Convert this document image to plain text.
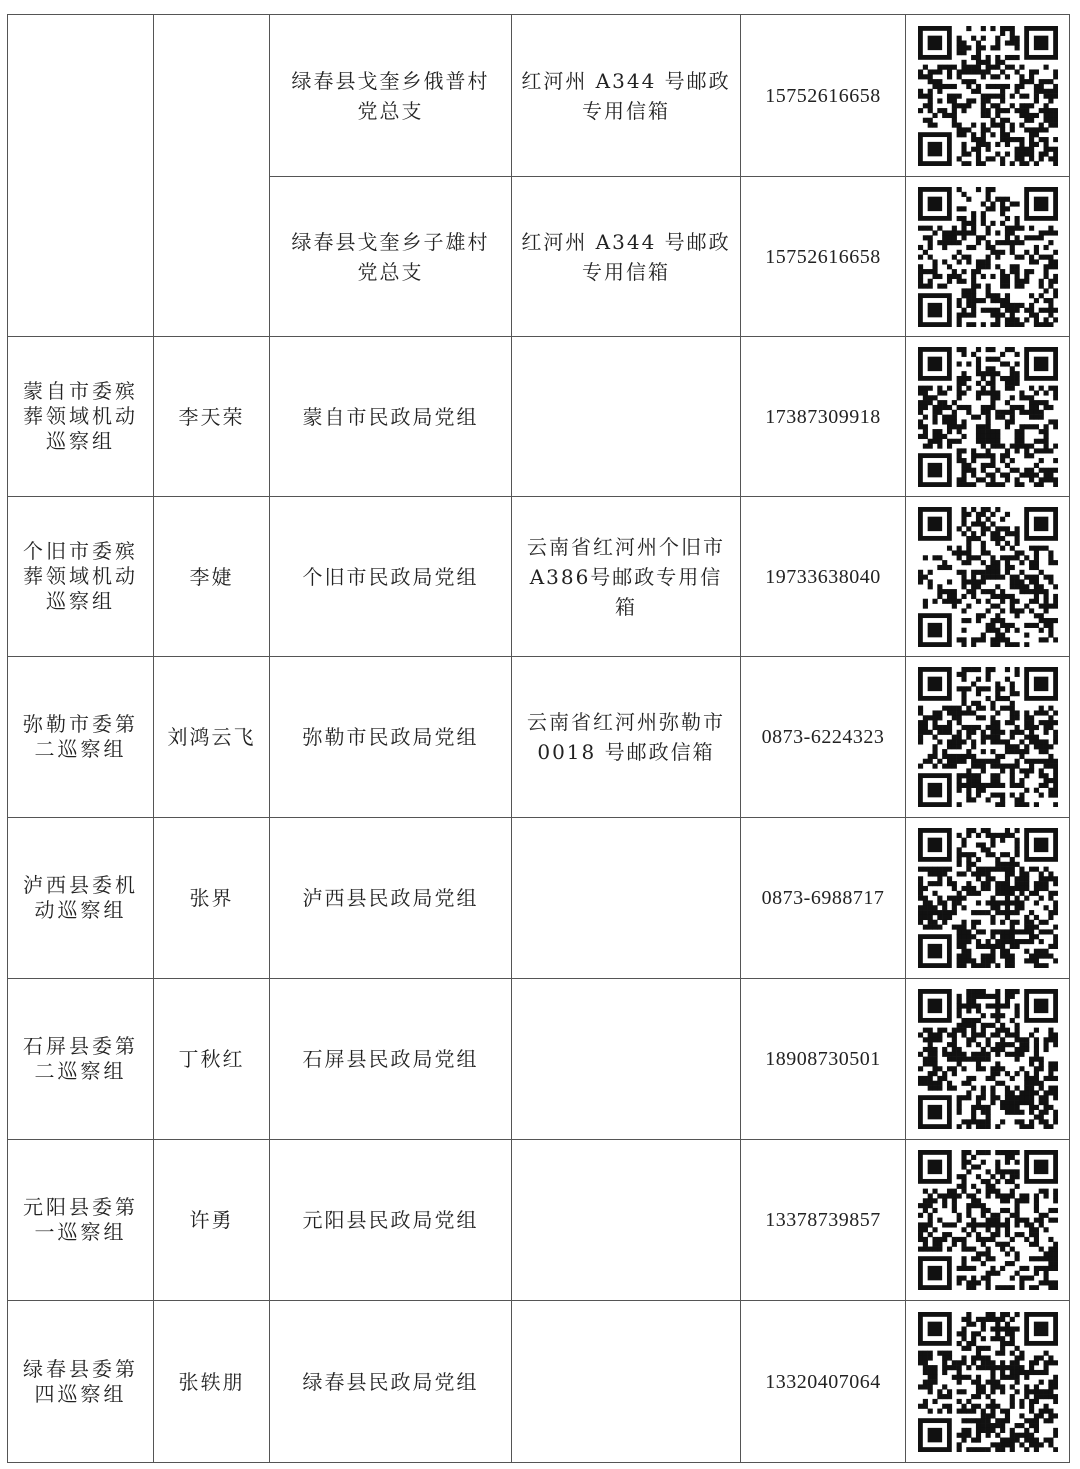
		绿春县戈奎乡俄普村党总支	红河州 A344 号邮政专用信箱	15752616658	

		绿春县戈奎乡子雄村党总支	红河州 A344 号邮政专用信箱	15752616658	

蒙自市委殡葬领域机动巡察组	李天荣	蒙自市民政局党组		17387309918	

个旧市委殡葬领域机动巡察组	李婕	个旧市民政局党组	云南省红河州个旧市A386号邮政专用信箱	19733638040	

弥勒市委第二巡察组	刘鸿云飞	弥勒市民政局党组	云南省红河州弥勒市 0018 号邮政信箱	0873-6224323	

泸西县委机动巡察组	张界	泸西县民政局党组		0873-6988717	

石屏县委第二巡察组	丁秋红	石屏县民政局党组		18908730501	

元阳县委第一巡察组	许勇	元阳县民政局党组		13378739857	

绿春县委第四巡察组	张轶朋	绿春县民政局党组		13320407064	
